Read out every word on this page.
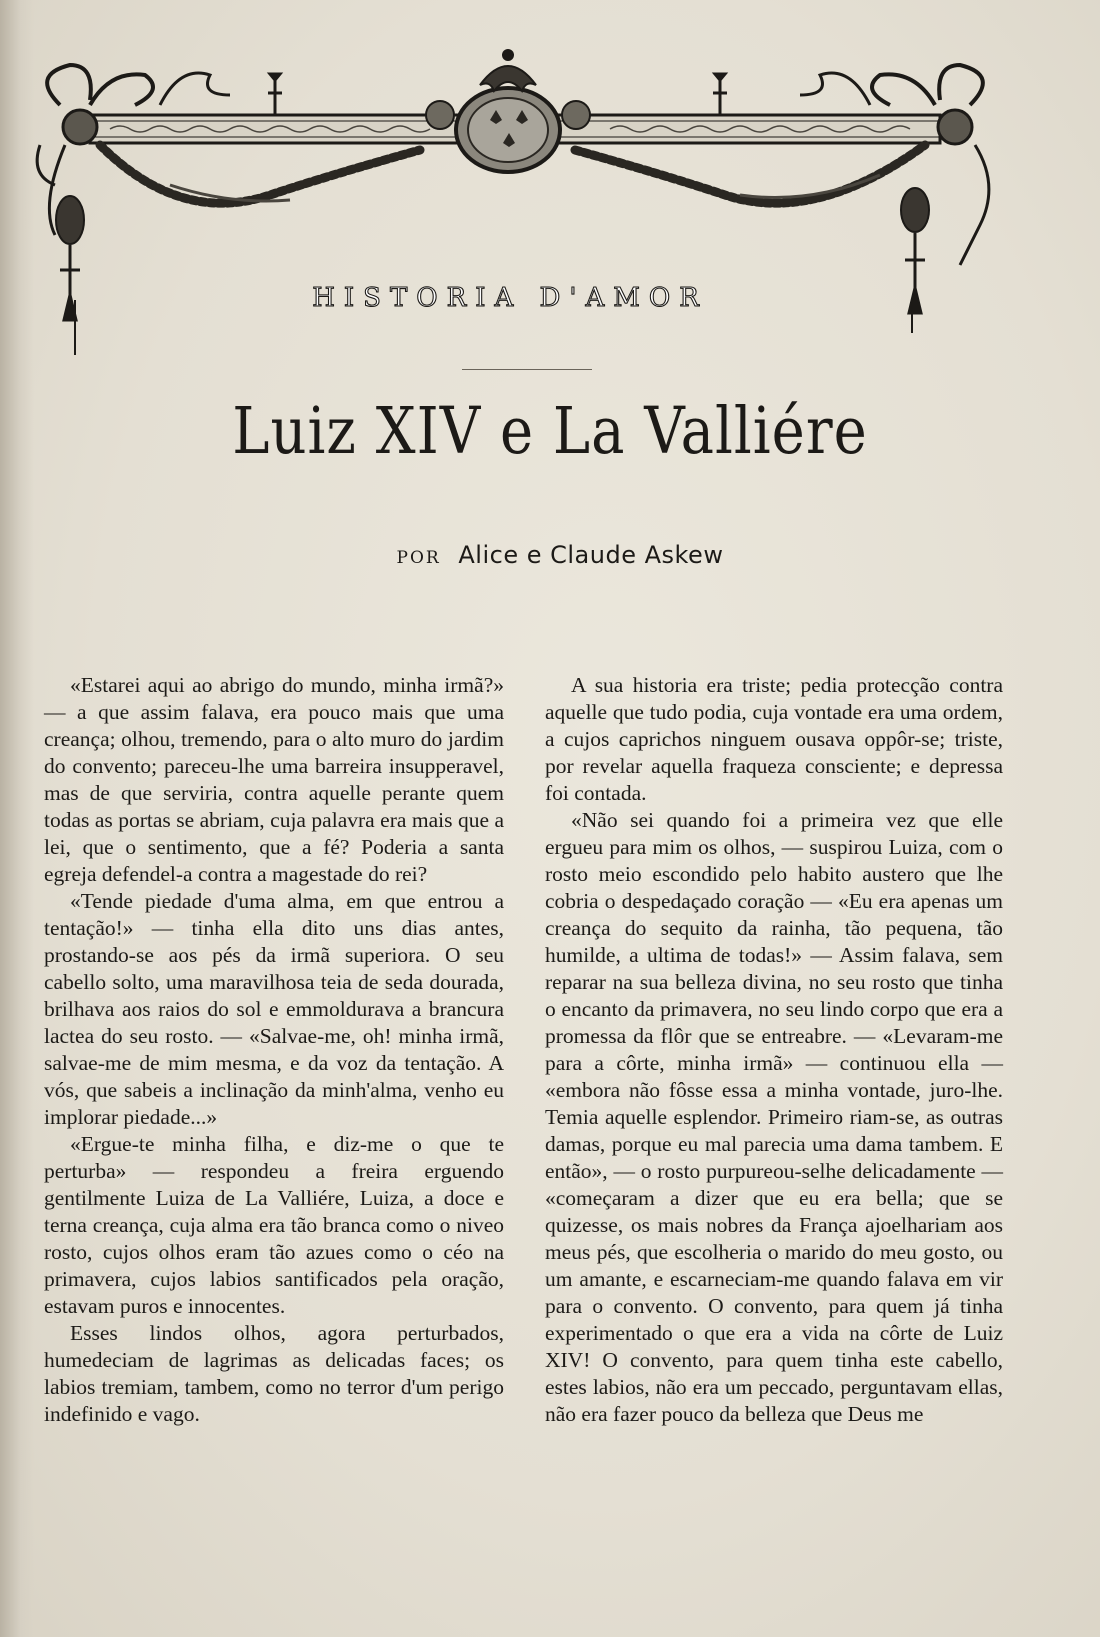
HISTORIA D'AMOR
Luiz XIV e La Valliére
POR Alice e Claude Askew

«Estarei aqui ao abrigo do mundo, minha irmã?» — a que assim falava, era pouco mais que uma creança; olhou, tremendo, para o alto muro do jardim do convento; pareceu-lhe uma barreira insupperavel, mas de que serviria, contra aquelle perante quem todas as portas se abriam, cuja palavra era mais que a lei, que o sentimento, que a fé? Poderia a santa egreja defendel-a contra a magestade do rei?

«Tende piedade d'uma alma, em que entrou a tentação!» — tinha ella dito uns dias antes, prostando-se aos pés da irmã superiora. O seu cabello solto, uma maravilhosa teia de seda dourada, brilhava aos raios do sol e emmoldurava a brancura lactea do seu rosto. — «Salvae-me, oh! minha irmã, salvae-me de mim mesma, e da voz da tentação. A vós, que sabeis a inclinação da minh'alma, venho eu implorar piedade...»

«Ergue-te minha filha, e diz-me o que te perturba» — respondeu a freira erguendo gentilmente Luiza de La Valliére, Luiza, a doce e terna creança, cuja alma era tão branca como o niveo rosto, cujos olhos eram tão azues como o céo na primavera, cujos labios santificados pela oração, estavam puros e innocentes.

Esses lindos olhos, agora perturbados, humedeciam de lagrimas as delicadas faces; os labios tremiam, tambem, como no terror d'um perigo indefinido e vago.

A sua historia era triste; pedia protecção contra aquelle que tudo podia, cuja vontade era uma ordem, a cujos caprichos ninguem ousava oppôr-se; triste, por revelar aquella fraqueza consciente; e depressa foi contada.

«Não sei quando foi a primeira vez que elle ergueu para mim os olhos, — suspirou Luiza, com o rosto meio escondido pelo habito austero que lhe cobria o despedaçado coração — «Eu era apenas um creança do sequito da rainha, tão pequena, tão humilde, a ultima de todas!» — Assim falava, sem reparar na sua belleza divina, no seu rosto que tinha o encanto da primavera, no seu lindo corpo que era a promessa da flôr que se entreabre. — «Levaram-me para a côrte, minha irmã» — continuou ella — «embora não fôsse essa a minha vontade, juro-lhe. Temia aquelle esplendor. Primeiro riam-se, as outras damas, porque eu mal parecia uma dama tambem. E então», — o rosto purpureou-selhe delicadamente — «começaram a dizer que eu era bella; que se quizesse, os mais nobres da França ajoelhariam aos meus pés, que escolheria o marido do meu gosto, ou um amante, e escarneciam-me quando falava em vir para o convento. O convento, para quem já tinha experimentado o que era a vida na côrte de Luiz XIV! O convento, para quem tinha este cabello, estes labios, não era um peccado, perguntavam ellas, não era fazer pouco da belleza que Deus me
